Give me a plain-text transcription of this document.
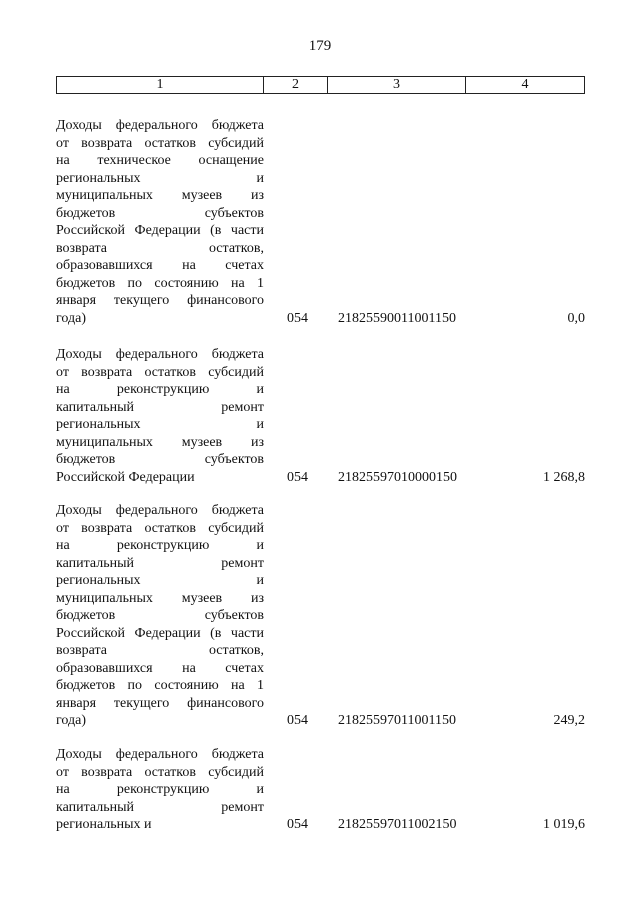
179
1	2	3	4
Доходы федерального бюджета
от возврата остатков субсидий
на техническое оснащение
региональных и
муниципальных музеев из
бюджетов субъектов
Российской Федерации (в части
возврата остатков,
образовавшихся на счетах
бюджетов по состоянию на 1
января текущего финансового
года)	054	21825590011001150	0,0
Доходы федерального бюджета
от возврата остатков субсидий
на реконструкцию и
капитальный ремонт
региональных и
муниципальных музеев из
бюджетов субъектов
Российской Федерации	054	21825597010000150	1 268,8
Доходы федерального бюджета
от возврата остатков субсидий
на реконструкцию и
капитальный ремонт
региональных и
муниципальных музеев из
бюджетов субъектов
Российской Федерации (в части
возврата остатков,
образовавшихся на счетах
бюджетов по состоянию на 1
января текущего финансового
года)	054	21825597011001150	249,2
Доходы федерального бюджета
от возврата остатков субсидий
на реконструкцию и
капитальный ремонт
региональных и	054	21825597011002150	1 019,6
